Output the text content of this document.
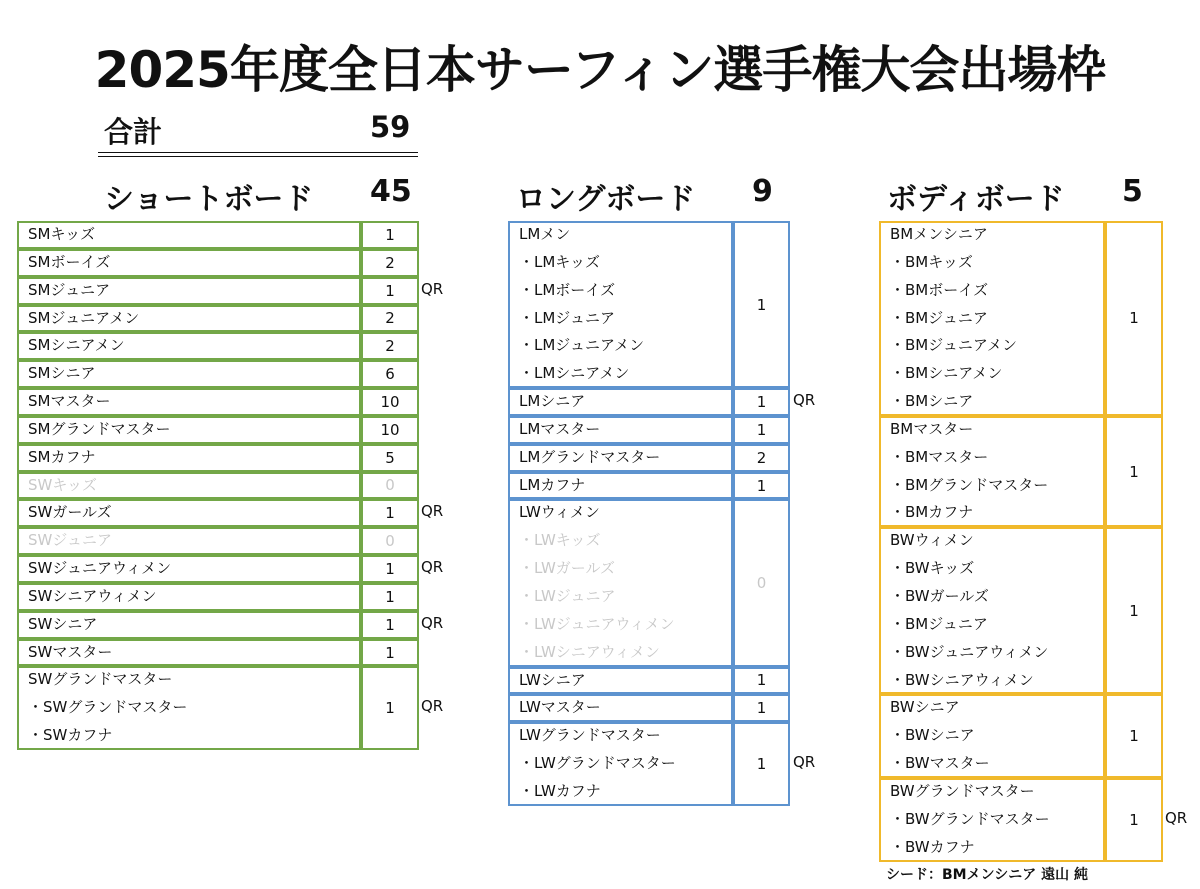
2025年度全日本サーフィン選手権大会出場枠
合計	59
ショートボード 45	ロングボード 9	ボディボード 5
SMキッズ	1
SMボーイズ	2
SMジュニア	1	QR
SMジュニアメン	2
SMシニアメン	2
SMシニア	6
SMマスター	10
SMグランドマスター	10
SMカフナ	5
SWキッズ	0
SWガールズ	1	QR
SWジュニア	0
SWジュニアウィメン	1	QR
SWシニアウィメン	1
SWシニア	1	QR
SWマスター	1
SWグランドマスター
・SWグランドマスター
・SWカフナ
1	QR
LMメン
・LMキッズ
・LMボーイズ
・LMジュニア
・LMジュニアメン
・LMシニアメン
1
LMシニア	1	QR
LMマスター	1
LMグランドマスター	2
LMカフナ	1
LWウィメン
・LWキッズ
・LWガールズ
・LWジュニア
・LWジュニアウィメン
・LWシニアウィメン
0
LWシニア	1
LWマスター	1
LWグランドマスター
・LWグランドマスター
・LWカフナ
1	QR
BMメンシニア
・BMキッズ
・BMボーイズ
・BMジュニア
・BMジュニアメン
・BMシニアメン
・BMシニア
1
BMマスター
・BMマスター
・BMグランドマスター
・BMカフナ
1
BWウィメン
・BWキッズ
・BWガールズ
・BMジュニア
・BWジュニアウィメン
・BWシニアウィメン
1
BWシニア
・BWシニア
・BWマスター
1
BWグランドマスター
・BWグランドマスター
・BWカフナ
1	QR
シード：BMメンシニア 遠山 純
